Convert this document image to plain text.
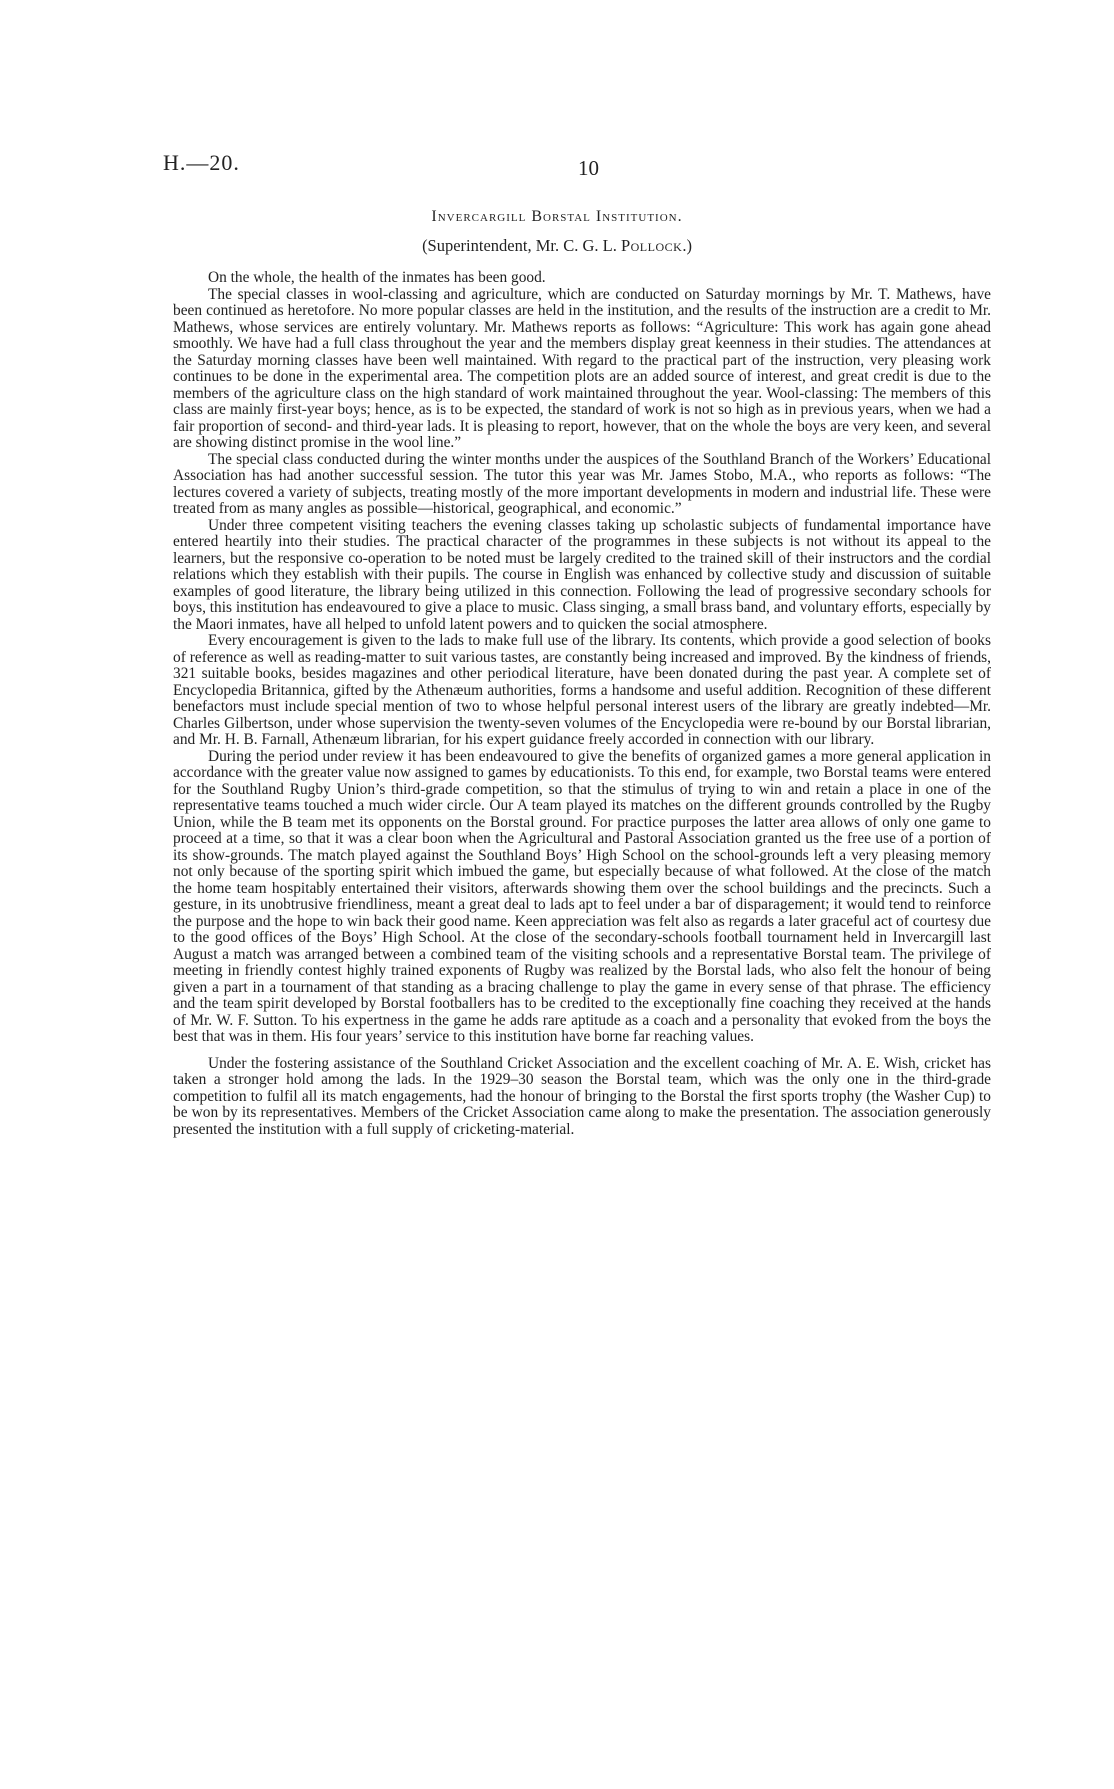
H.—20.	10
Invercargill Borstal Institution.
(Superintendent, Mr. C. G. L. Pollock.)

On the whole, the health of the inmates has been good.

The special classes in wool-classing and agriculture, which are conducted on Saturday mornings by Mr. T. Mathews, have been continued as heretofore. No more popular classes are held in the institution, and the results of the instruction are a credit to Mr. Mathews, whose services are entirely voluntary. Mr. Mathews reports as follows: “Agriculture: This work has again gone ahead smoothly. We have had a full class throughout the year and the members display great keenness in their studies. The attendances at the Saturday morning classes have been well maintained. With regard to the practical part of the instruction, very pleasing work continues to be done in the experimental area. The competition plots are an added source of interest, and great credit is due to the members of the agriculture class on the high standard of work maintained throughout the year. Wool-classing: The members of this class are mainly first-year boys; hence, as is to be expected, the standard of work is not so high as in previous years, when we had a fair proportion of second- and third-year lads. It is pleasing to report, however, that on the whole the boys are very keen, and several are showing distinct promise in the wool line.”

The special class conducted during the winter months under the auspices of the Southland Branch of the Workers’ Educational Association has had another successful session. The tutor this year was Mr. James Stobo, M.A., who reports as follows: “The lectures covered a variety of subjects, treating mostly of the more important developments in modern and industrial life. These were treated from as many angles as possible—historical, geographical, and economic.”

Under three competent visiting teachers the evening classes taking up scholastic subjects of fundamental importance have entered heartily into their studies. The practical character of the programmes in these subjects is not without its appeal to the learners, but the responsive co-operation to be noted must be largely credited to the trained skill of their instructors and the cordial relations which they establish with their pupils. The course in English was enhanced by collective study and discussion of suitable examples of good literature, the library being utilized in this connection. Following the lead of progressive secondary schools for boys, this institution has endeavoured to give a place to music. Class singing, a small brass band, and voluntary efforts, especially by the Maori inmates, have all helped to unfold latent powers and to quicken the social atmosphere.

Every encouragement is given to the lads to make full use of the library. Its contents, which provide a good selection of books of reference as well as reading-matter to suit various tastes, are constantly being increased and improved. By the kindness of friends, 321 suitable books, besides magazines and other periodical literature, have been donated during the past year. A complete set of Encyclopedia Britannica, gifted by the Athenæum authorities, forms a handsome and useful addition. Recognition of these different benefactors must include special mention of two to whose helpful personal interest users of the library are greatly indebted—Mr. Charles Gilbertson, under whose supervision the twenty-seven volumes of the Encyclopedia were re-bound by our Borstal librarian, and Mr. H. B. Farnall, Athenæum librarian, for his expert guidance freely accorded in connection with our library.

During the period under review it has been endeavoured to give the benefits of organized games a more general application in accordance with the greater value now assigned to games by educationists. To this end, for example, two Borstal teams were entered for the Southland Rugby Union’s third-grade competition, so that the stimulus of trying to win and retain a place in one of the representative teams touched a much wider circle. Our A team played its matches on the different grounds controlled by the Rugby Union, while the B team met its opponents on the Borstal ground. For practice purposes the latter area allows of only one game to proceed at a time, so that it was a clear boon when the Agricultural and Pastoral Association granted us the free use of a portion of its show-grounds. The match played against the Southland Boys’ High School on the school-grounds left a very pleasing memory not only because of the sporting spirit which imbued the game, but especially because of what followed. At the close of the match the home team hospitably entertained their visitors, afterwards showing them over the school buildings and the precincts. Such a gesture, in its unobtrusive friendliness, meant a great deal to lads apt to feel under a bar of disparagement; it would tend to reinforce the purpose and the hope to win back their good name. Keen appreciation was felt also as regards a later graceful act of courtesy due to the good offices of the Boys’ High School. At the close of the secondary-schools football tournament held in Invercargill last August a match was arranged between a combined team of the visiting schools and a representative Borstal team. The privilege of meeting in friendly contest highly trained exponents of Rugby was realized by the Borstal lads, who also felt the honour of being given a part in a tournament of that standing as a bracing challenge to play the game in every sense of that phrase. The efficiency and the team spirit developed by Borstal footballers has to be credited to the exceptionally fine coaching they received at the hands of Mr. W. F. Sutton. To his expertness in the game he adds rare aptitude as a coach and a personality that evoked from the boys the best that was in them. His four years’ service to this institution have borne far reaching values.

Under the fostering assistance of the Southland Cricket Association and the excellent coaching of Mr. A. E. Wish, cricket has taken a stronger hold among the lads. In the 1929–30 season the Borstal team, which was the only one in the third-grade competition to fulfil all its match engagements, had the honour of bringing to the Borstal the first sports trophy (the Washer Cup) to be won by its representatives. Members of the Cricket Association came along to make the presentation. The association generously presented the institution with a full supply of cricketing-material.
